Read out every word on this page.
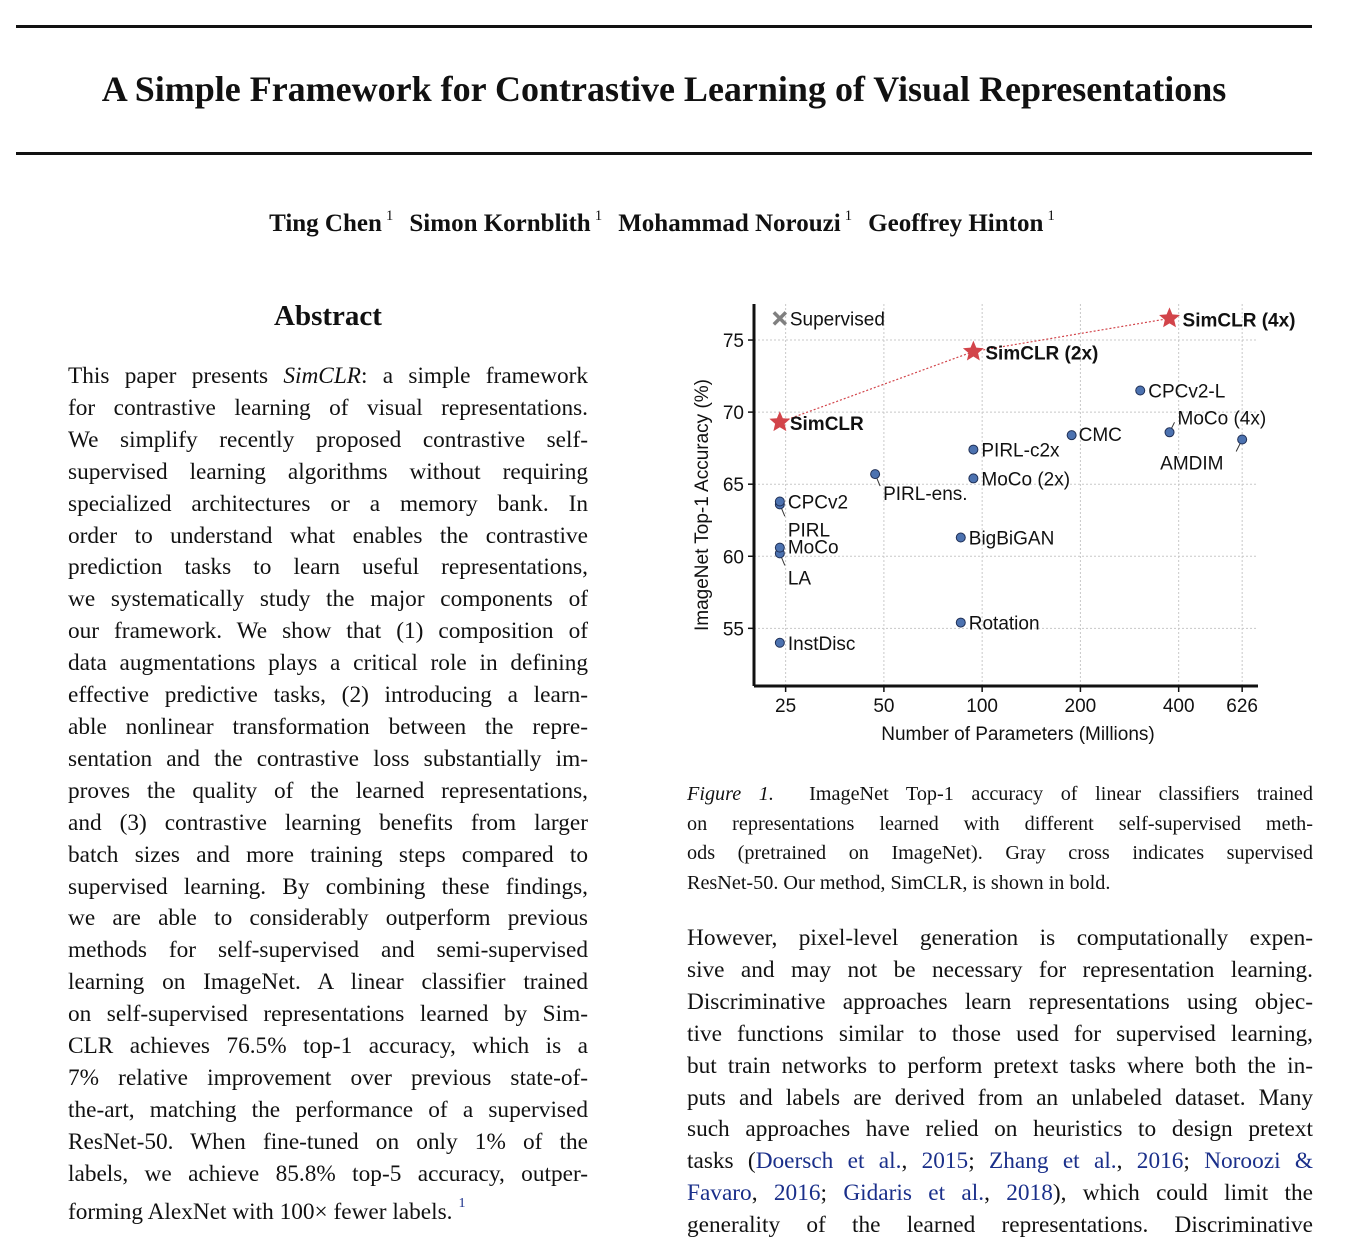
A Simple Framework for Contrastive Learning of Visual Representations
Ting Chen $^1$ Simon Kornblith $^1$ Mohammad Norouzi $^1$ Geoffrey Hinton $^1$
Abstract
This paper presents SimCLR: a simple framework
for contrastive learning of visual representations.
We simplify recently proposed contrastive self-
supervised learning algorithms without requiring
specialized architectures or a memory bank. In
order to understand what enables the contrastive
prediction tasks to learn useful representations,
we systematically study the major components of
our framework. We show that (1) composition of
data augmentations plays a critical role in defining
effective predictive tasks, (2) introducing a learn-
able nonlinear transformation between the repre-
sentation and the contrastive loss substantially im-
proves the quality of the learned representations,
and (3) contrastive learning benefits from larger
batch sizes and more training steps compared to
supervised learning. By combining these findings,
we are able to considerably outperform previous
methods for self-supervised and semi-supervised
learning on ImageNet. A linear classifier trained
on self-supervised representations learned by Sim-
CLR achieves 76.5% top-1 accuracy, which is a
7% relative improvement over previous state-of-
the-art, matching the performance of a supervised
ResNet-50. When fine-tuned on only 1% of the
labels, we achieve 85.8% top-5 accuracy, outper-
forming AlexNet with 100× fewer labels. $^1$
25	50	100	200	400 626
55
60
65
70
75
Number of Parameters (Millions)
ImageNet Top-1 Accuracy (%)
InstDisc
LA
MoCo
PIRL
CPCv2 PIRL-ens.
BigBiGAN
Rotation
PIRL-c2x
MoCo (2x)
CMC
CPCv2-L
MoCo (4x)
AMDIM
SimCLR
SimCLR (2x)
SimCLR (4x)
Supervised
Figure 1.  ImageNet Top-1 accuracy of linear classifiers trained
on representations learned with different self-supervised meth-
ods (pretrained on ImageNet). Gray cross indicates supervised
ResNet-50. Our method, SimCLR, is shown in bold.
However, pixel-level generation is computationally expen-
sive and may not be necessary for representation learning.
Discriminative approaches learn representations using objec-
tive functions similar to those used for supervised learning,
but train networks to perform pretext tasks where both the in-
puts and labels are derived from an unlabeled dataset. Many
such approaches have relied on heuristics to design pretext
tasks (Doersch et al., 2015; Zhang et al., 2016; Noroozi &
Favaro, 2016; Gidaris et al., 2018), which could limit the
generality of the learned representations. Discriminative
